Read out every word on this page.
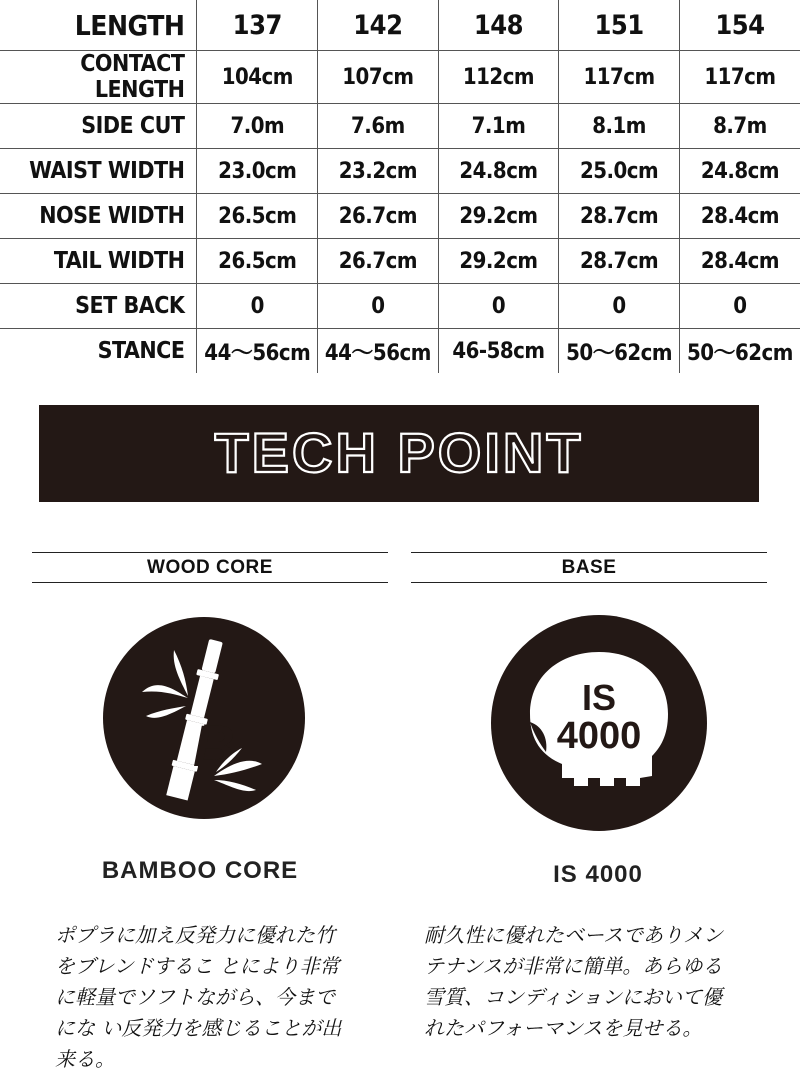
LENGTH	137	142	148	151	154
CONTACT LENGTH	104cm	107cm	112cm	117cm	117cm
SIDE CUT	7.0m	7.6m	7.1m	8.1m	8.7m
WAIST WIDTH	23.0cm	23.2cm	24.8cm	25.0cm	24.8cm
NOSE WIDTH	26.5cm	26.7cm	29.2cm	28.7cm	28.4cm
TAIL WIDTH	26.5cm	26.7cm	29.2cm	28.7cm	28.4cm
SET BACK	0	0	0	0	0
STANCE	44～56cm	44～56cm	46-58cm	50～62cm	50～62cm
TECH POINT
WOOD CORE
B
BAMBOO CORE
ポプラに加え反発力に優れた竹
をブレンドするこ とにより非常
に軽量でソフトながら、今まで
にな い反発力を感じることが出
来る。
BASE
IS
4000
IS 4000
耐久性に優れたベースでありメン
テナンスが非常に簡単。あらゆる
雪質、コンディションにおいて優
れたパフォーマンスを見せる。
